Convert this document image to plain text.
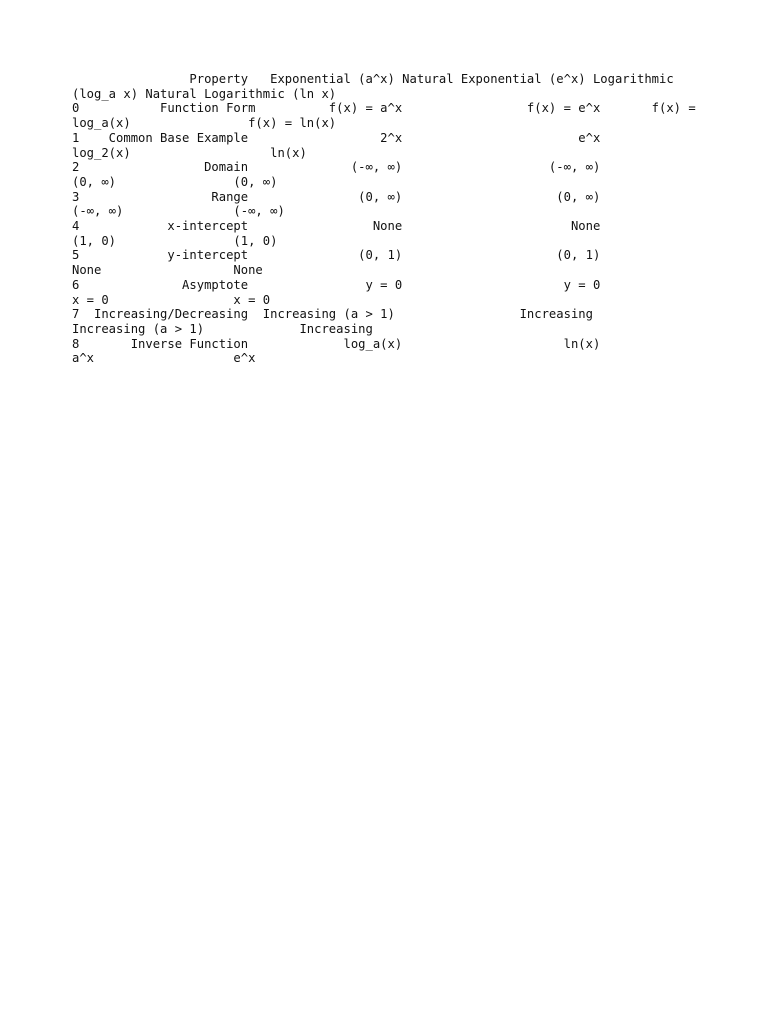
Property   Exponential (a^x) Natural Exponential (e^x) Logarithmic
(log_a x) Natural Logarithmic (ln x)
0           Function Form          f(x) = a^x                 f(x) = e^x       f(x) =
log_a(x)                f(x) = ln(x)
1    Common Base Example                  2^x                        e^x
log_2(x)                   ln(x)
2                 Domain              (-∞, ∞)                    (-∞, ∞)
(0, ∞)                (0, ∞)
3                  Range               (0, ∞)                     (0, ∞)
(-∞, ∞)               (-∞, ∞)
4            x-intercept                 None                       None
(1, 0)                (1, 0)
5            y-intercept               (0, 1)                     (0, 1)
None                  None
6              Asymptote                y = 0                      y = 0
x = 0                 x = 0
7  Increasing/Decreasing  Increasing (a > 1)                 Increasing
Increasing (a > 1)             Increasing
8       Inverse Function             log_a(x)                      ln(x)
a^x                   e^x
